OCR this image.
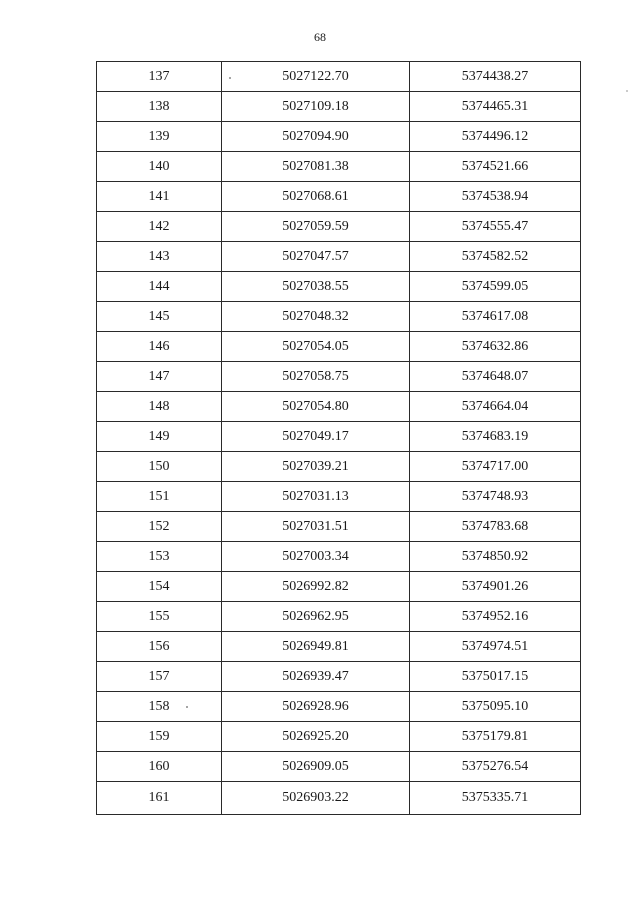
68
137	5027122.70	5374438.27
138	5027109.18	5374465.31
139	5027094.90	5374496.12
140	5027081.38	5374521.66
141	5027068.61	5374538.94
142	5027059.59	5374555.47
143	5027047.57	5374582.52
144	5027038.55	5374599.05
145	5027048.32	5374617.08
146	5027054.05	5374632.86
147	5027058.75	5374648.07
148	5027054.80	5374664.04
149	5027049.17	5374683.19
150	5027039.21	5374717.00
151	5027031.13	5374748.93
152	5027031.51	5374783.68
153	5027003.34	5374850.92
154	5026992.82	5374901.26
155	5026962.95	5374952.16
156	5026949.81	5374974.51
157	5026939.47	5375017.15
158	5026928.96	5375095.10
159	5026925.20	5375179.81
160	5026909.05	5375276.54
161	5026903.22	5375335.71
